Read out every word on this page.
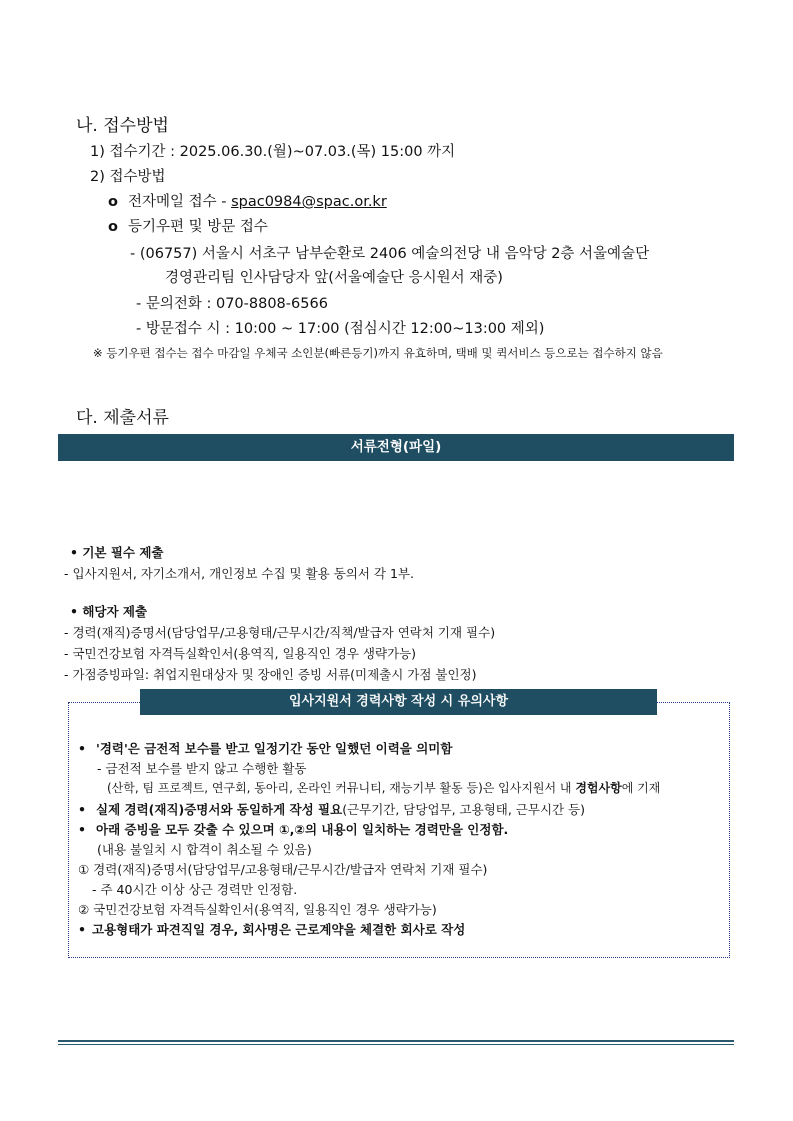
나. 접수방법
1) 접수기간 : 2025.06.30.(월)~07.03.(목) 15:00 까지
2) 접수방법
o 전자메일 접수 - spac0984@spac.or.kr
o 등기우편 및 방문 접수
- (06757) 서울시 서초구 남부순환로 2406 예술의전당 내 음악당 2층 서울예술단
경영관리팀 인사담당자 앞(서울예술단 응시원서 재중)
- 문의전화 : 070-8808-6566
- 방문접수 시 : 10:00 ~ 17:00 (점심시간 12:00~13:00 제외)
※ 등기우편 접수는 접수 마감일 우체국 소인분(빠른등기)까지 유효하며, 택배 및 퀵서비스 등으로는 접수하지 않음
다. 제출서류
서류전형(파일)
• 기본 필수 제출
- 입사지원서, 자기소개서, 개인정보 수집 및 활용 동의서 각 1부.
• 해당자 제출
- 경력(재직)증명서(담당업무/고용형태/근무시간/직책/발급자 연락처 기재 필수)
- 국민건강보험 자격득실확인서(용역직, 일용직인 경우 생략가능)
- 가점증빙파일: 취업지원대상자 및 장애인 증빙 서류(미제출시 가점 불인정)
입사지원서 경력사항 작성 시 유의사항
• '경력'은 금전적 보수를 받고 일정기간 동안 일했던 이력을 의미함
- 금전적 보수를 받지 않고 수행한 활동
(산학, 팀 프로젝트, 연구회, 동아리, 온라인 커뮤니티, 재능기부 활동 등)은 입사지원서 내 경험사항에 기재
• 실제 경력(재직)증명서와 동일하게 작성 필요(근무기간, 담당업무, 고용형태, 근무시간 등)
• 아래 증빙을 모두 갖출 수 있으며 ①,②의 내용이 일치하는 경력만을 인정함.
(내용 불일치 시 합격이 취소될 수 있음)
① 경력(재직)증명서(담당업무/고용형태/근무시간/발급자 연락처 기재 필수)
- 주 40시간 이상 상근 경력만 인정함.
② 국민건강보험 자격득실확인서(용역직, 일용직인 경우 생략가능)
• 고용형태가 파견직일 경우, 회사명은 근로계약을 체결한 회사로 작성
